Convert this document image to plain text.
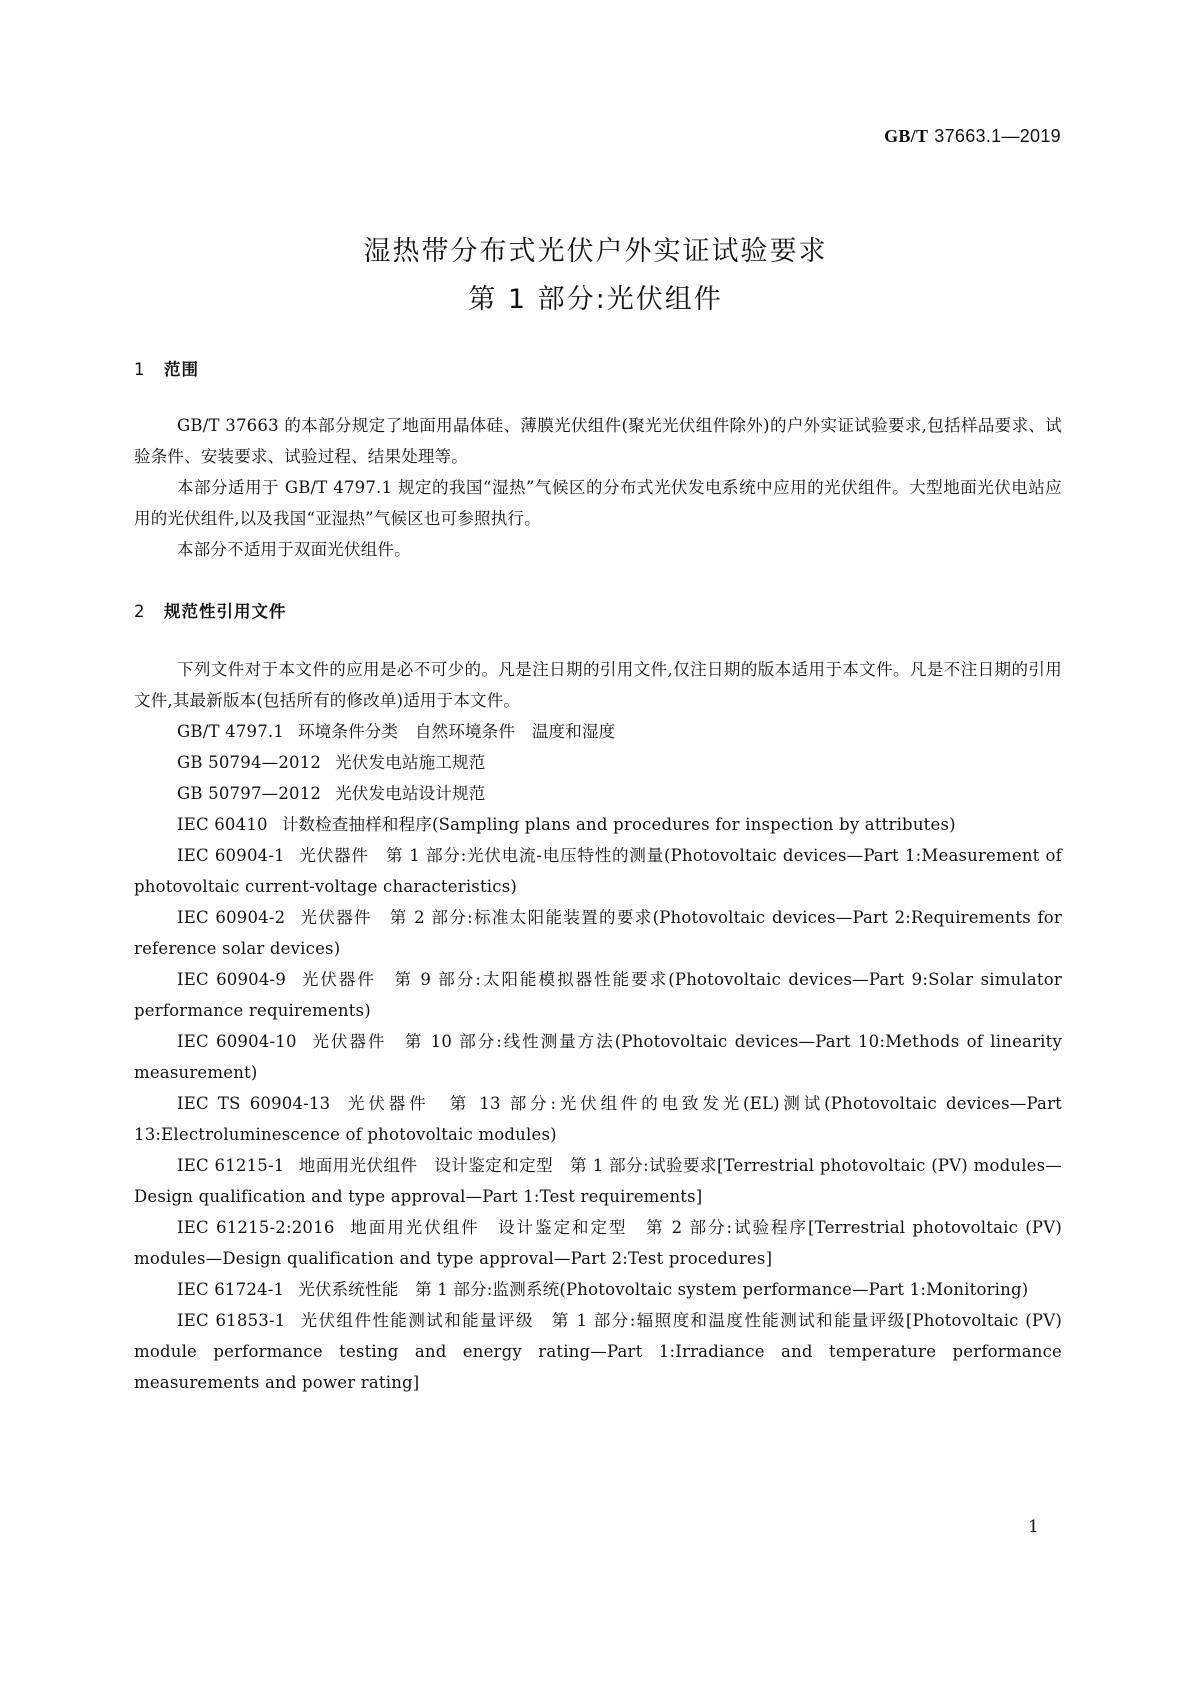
GB/T 37663.1—2019
湿热带分布式光伏户外实证试验要求
第 1 部分:光伏组件
1 范围

GB/T 37663 的本部分规定了地面用晶体硅、薄膜光伏组件(聚光光伏组件除外)的户外实证试验要求,包括样品要求、试验条件、安装要求、试验过程、结果处理等。

本部分适用于 GB/T 4797.1 规定的我国“湿热”气候区的分布式光伏发电系统中应用的光伏组件。大型地面光伏电站应用的光伏组件,以及我国“亚湿热”气候区也可参照执行。

本部分不适用于双面光伏组件。

2 规范性引用文件

下列文件对于本文件的应用是必不可少的。凡是注日期的引用文件,仅注日期的版本适用于本文件。凡是不注日期的引用文件,其最新版本(包括所有的修改单)适用于本文件。

GB/T 4797.1 环境条件分类　自然环境条件　温度和湿度

GB 50794—2012 光伏发电站施工规范

GB 50797—2012 光伏发电站设计规范

IEC 60410 计数检查抽样和程序(Sampling plans and procedures for inspection by attributes)

IEC 60904-1 光伏器件　第 1 部分:光伏电流-电压特性的测量(Photovoltaic devices—Part 1:Measurement of photovoltaic current-voltage characteristics)

IEC 60904-2 光伏器件　第 2 部分:标准太阳能装置的要求(Photovoltaic devices—Part 2:Requirements for reference solar devices)

IEC 60904-9 光伏器件　第 9 部分:太阳能模拟器性能要求(Photovoltaic devices—Part 9:Solar simulator performance requirements)

IEC 60904-10 光伏器件　第 10 部分:线性测量方法(Photovoltaic devices—Part 10:Methods of linearity measurement)

IEC TS 60904-13 光伏器件　第 13 部分:光伏组件的电致发光(EL)测试(Photovoltaic devices—Part 13:Electroluminescence of photovoltaic modules)

IEC 61215-1 地面用光伏组件　设计鉴定和定型　第 1 部分:试验要求[Terrestrial photovoltaic (PV) modules—Design qualification and type approval—Part 1:Test requirements]

IEC 61215-2:2016 地面用光伏组件　设计鉴定和定型　第 2 部分:试验程序[Terrestrial photovoltaic (PV) modules—Design qualification and type approval—Part 2:Test procedures]

IEC 61724-1 光伏系统性能　第 1 部分:监测系统(Photovoltaic system performance—Part 1:Monitoring)

IEC 61853-1 光伏组件性能测试和能量评级　第 1 部分:辐照度和温度性能测试和能量评级[Photovoltaic (PV) module performance testing and energy rating—Part 1:Irradiance and temperature performance measurements and power rating]

1
